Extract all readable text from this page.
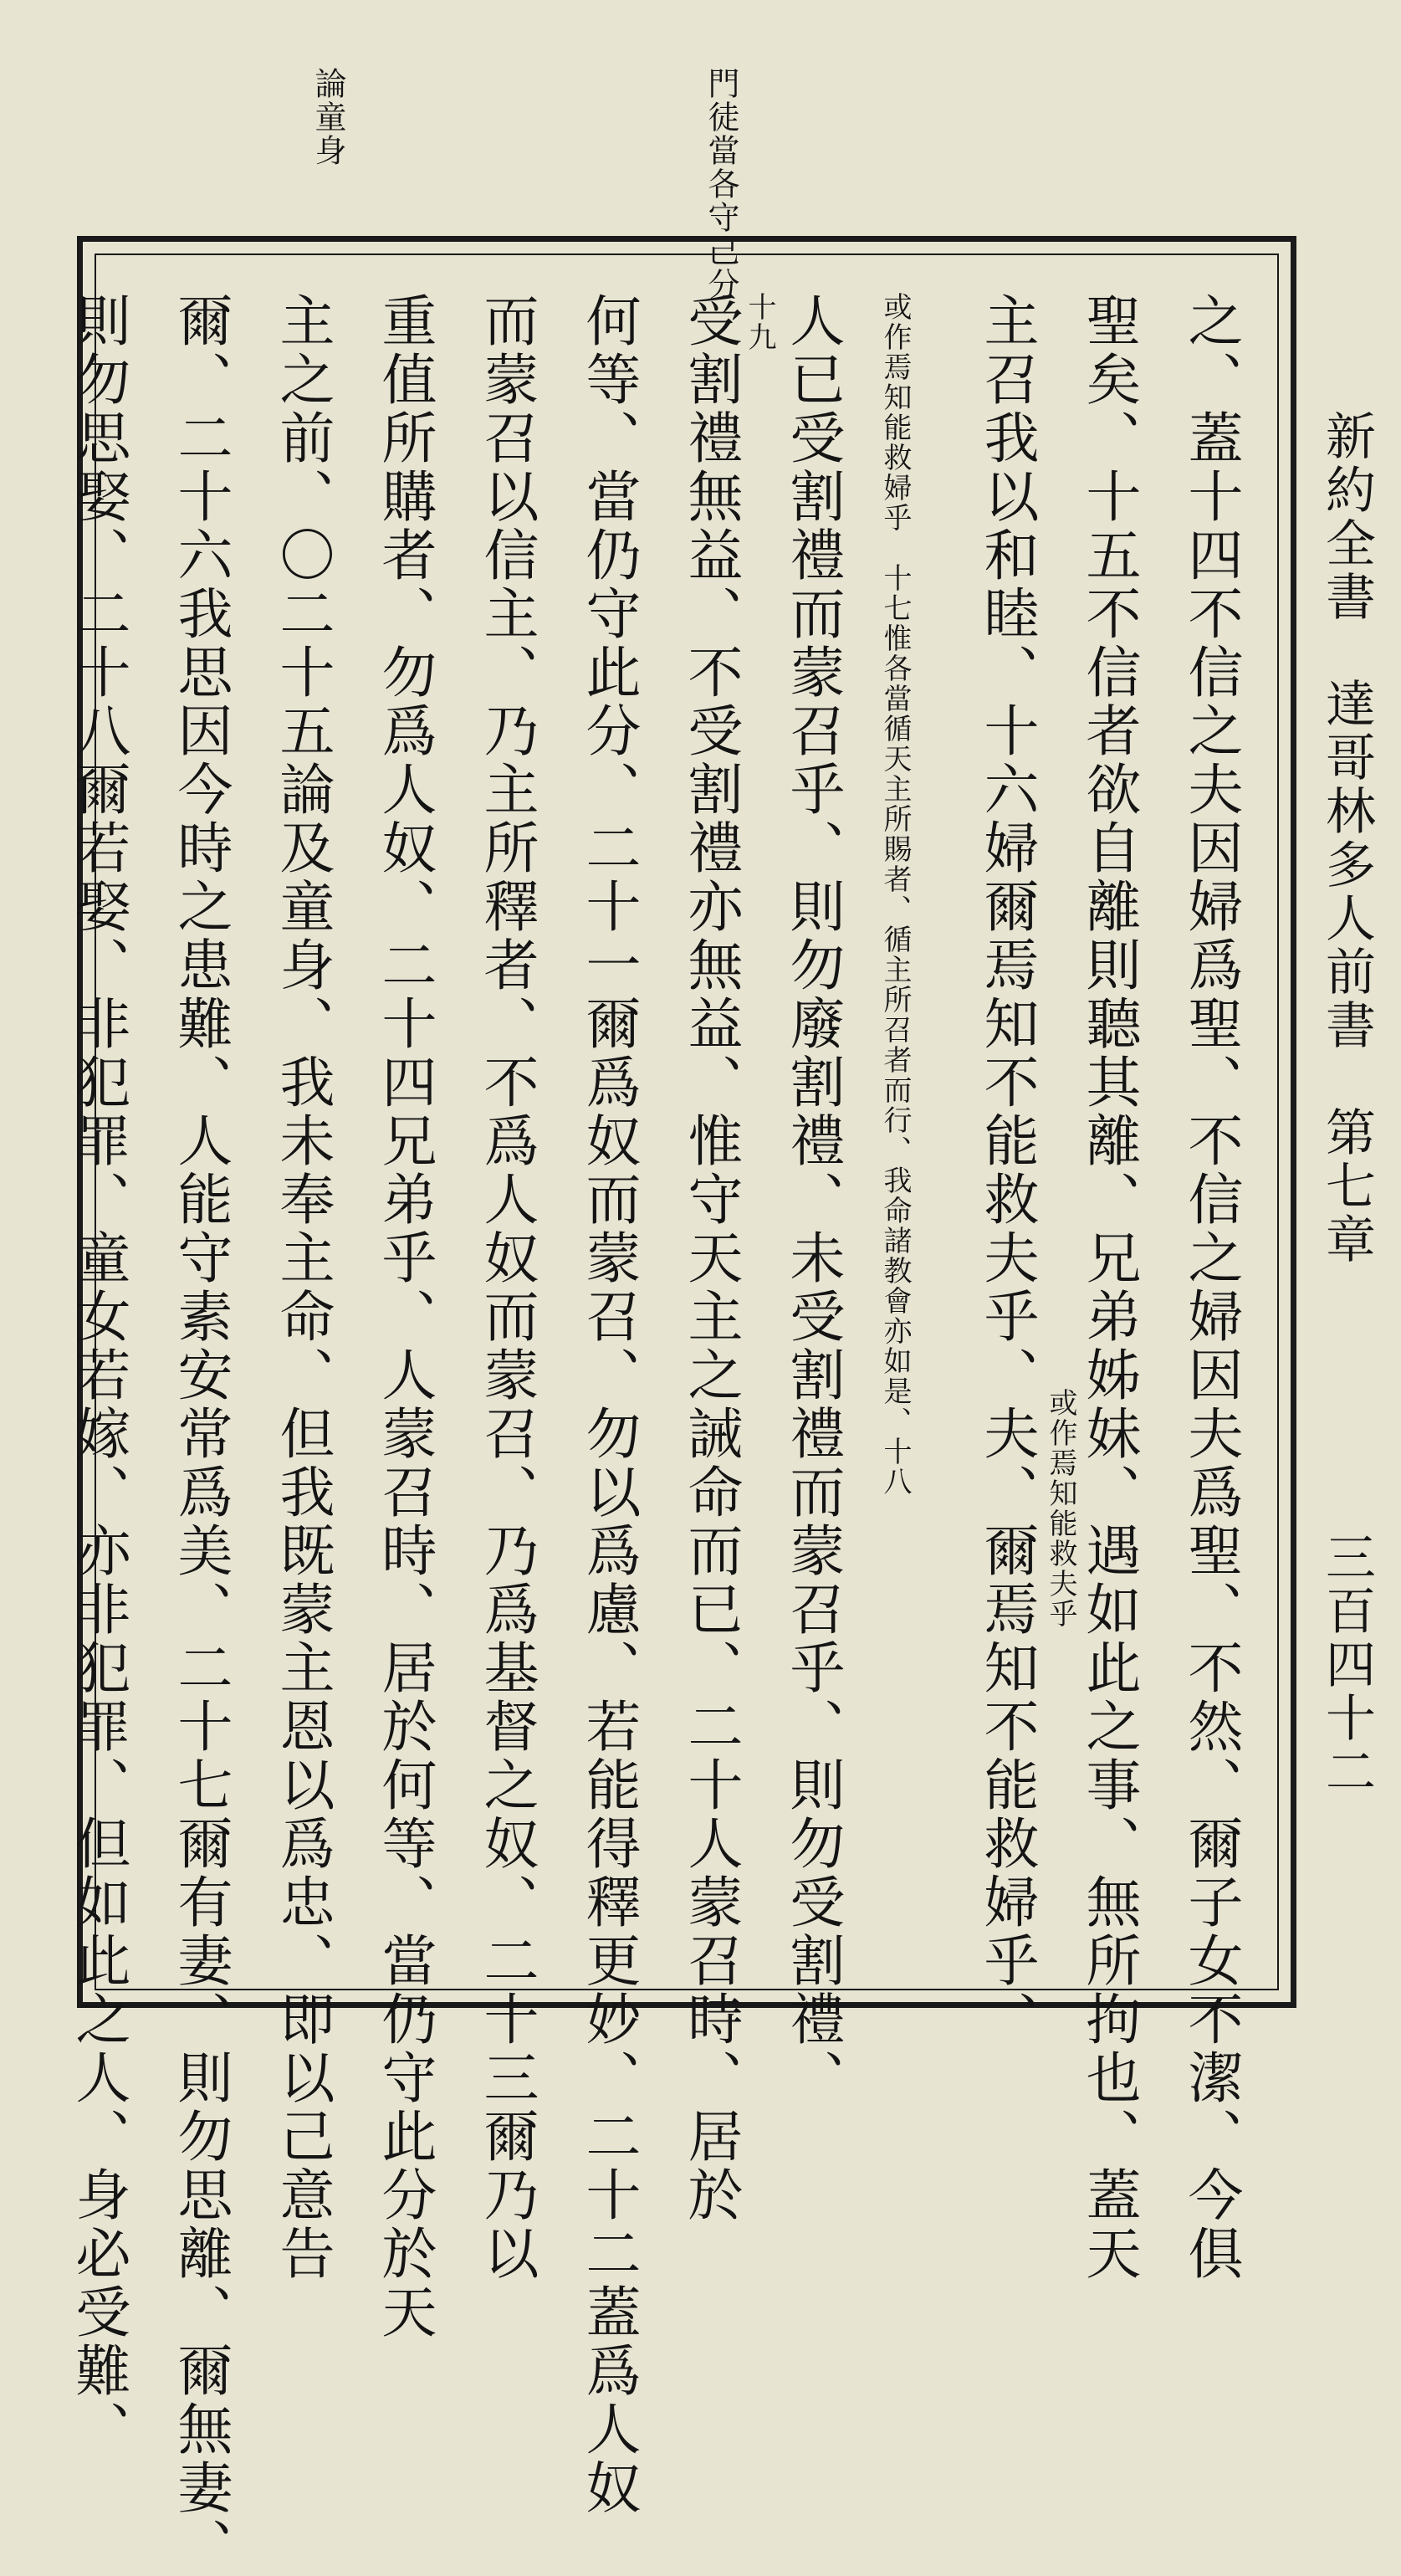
新約全書　達哥林多人前書　第七章
三百四十二
門徒當各守己分
論童身
之、蓋十四不信之夫因婦爲聖、不信之婦因夫爲聖、不然、爾子女不潔、今俱
聖矣、十五不信者欲自離則聽其離、兄弟姊妹、遇如此之事、無所拘也、蓋天
主召我以和睦、十六婦爾焉知不能救夫乎、夫、爾焉知不能救婦乎、
人已受割禮而蒙召乎、則勿廢割禮、未受割禮而蒙召乎、則勿受割禮、
受割禮無益、不受割禮亦無益、惟守天主之誡命而已、二十人蒙召時、居於
何等、當仍守此分、二十一爾爲奴而蒙召、勿以爲慮、若能得釋更妙、二十二蓋爲人奴
而蒙召以信主、乃主所釋者、不爲人奴而蒙召、乃爲基督之奴、二十三爾乃以
重值所購者、勿爲人奴、二十四兄弟乎、人蒙召時、居於何等、當仍守此分於天
主之前、〇二十五論及童身、我未奉主命、但我既蒙主恩以爲忠、即以己意告
爾、二十六我思因今時之患難、人能守素安常爲美、二十七爾有妻、則勿思離、爾無妻、
則勿思娶、二十八爾若娶、非犯罪、童女若嫁、亦非犯罪、但如此之人、身必受難、	或作焉知能救夫乎
或作焉知能救婦乎　十七惟各當循天主所賜者、循主所召者而行、我命諸教會亦如是、十八
十九
